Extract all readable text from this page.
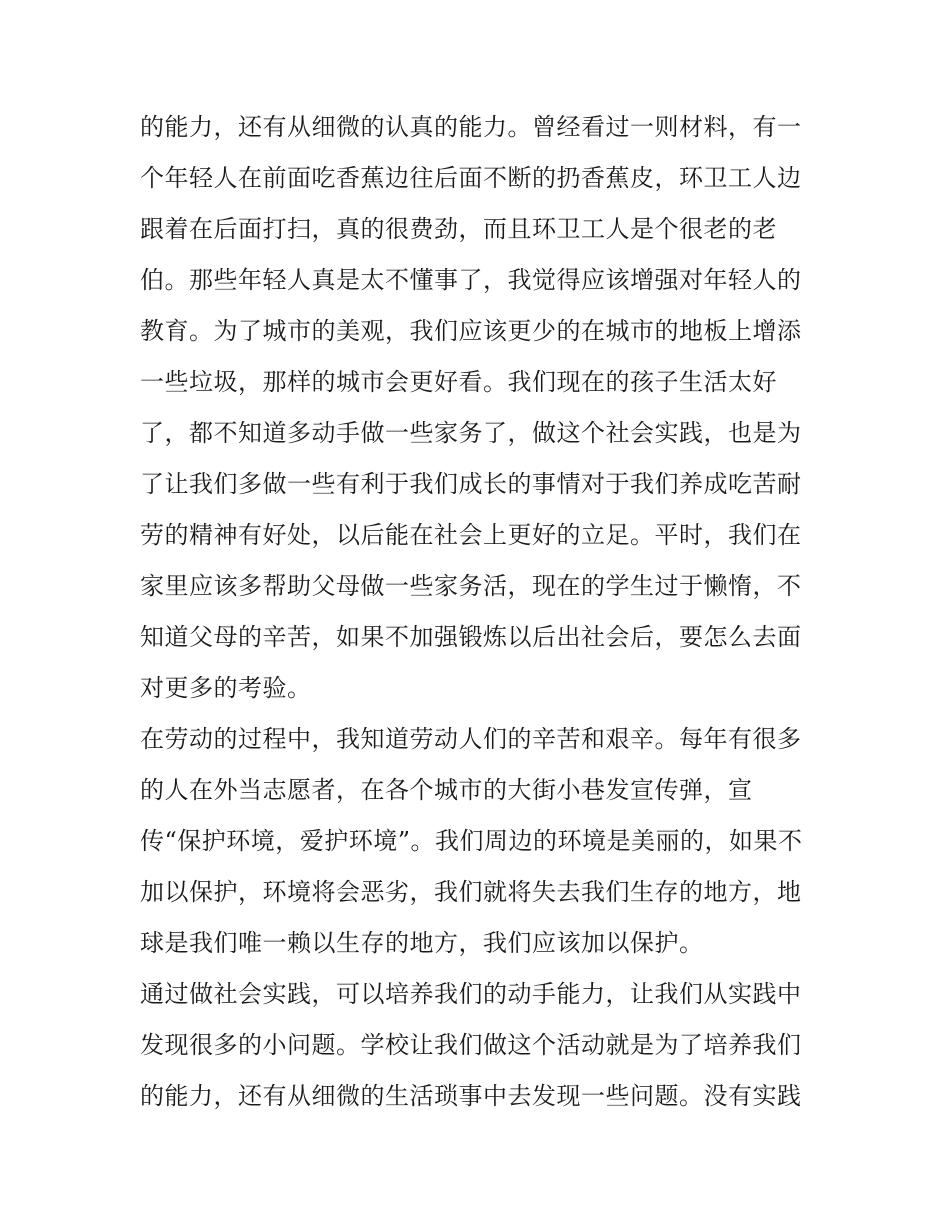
的能力，还有从细微的认真的能力。曾经看过一则材料，有一
个年轻人在前面吃香蕉边往后面不断的扔香蕉皮，环卫工人边
跟着在后面打扫，真的很费劲，而且环卫工人是个很老的老
伯。那些年轻人真是太不懂事了，我觉得应该增强对年轻人的
教育。为了城市的美观，我们应该更少的在城市的地板上增添
一些垃圾，那样的城市会更好看。我们现在的孩子生活太好
了，都不知道多动手做一些家务了，做这个社会实践，也是为
了让我们多做一些有利于我们成长的事情对于我们养成吃苦耐
劳的精神有好处，以后能在社会上更好的立足。平时，我们在
家里应该多帮助父母做一些家务活，现在的学生过于懒惰，不
知道父母的辛苦，如果不加强锻炼以后出社会后，要怎么去面
对更多的考验。
在劳动的过程中，我知道劳动人们的辛苦和艰辛。每年有很多
的人在外当志愿者，在各个城市的大街小巷发宣传弹，宣
传“保护环境，爱护环境”。我们周边的环境是美丽的，如果不
加以保护，环境将会恶劣，我们就将失去我们生存的地方，地
球是我们唯一赖以生存的地方，我们应该加以保护。
通过做社会实践，可以培养我们的动手能力，让我们从实践中
发现很多的小问题。学校让我们做这个活动就是为了培养我们
的能力，还有从细微的生活琐事中去发现一些问题。没有实践
